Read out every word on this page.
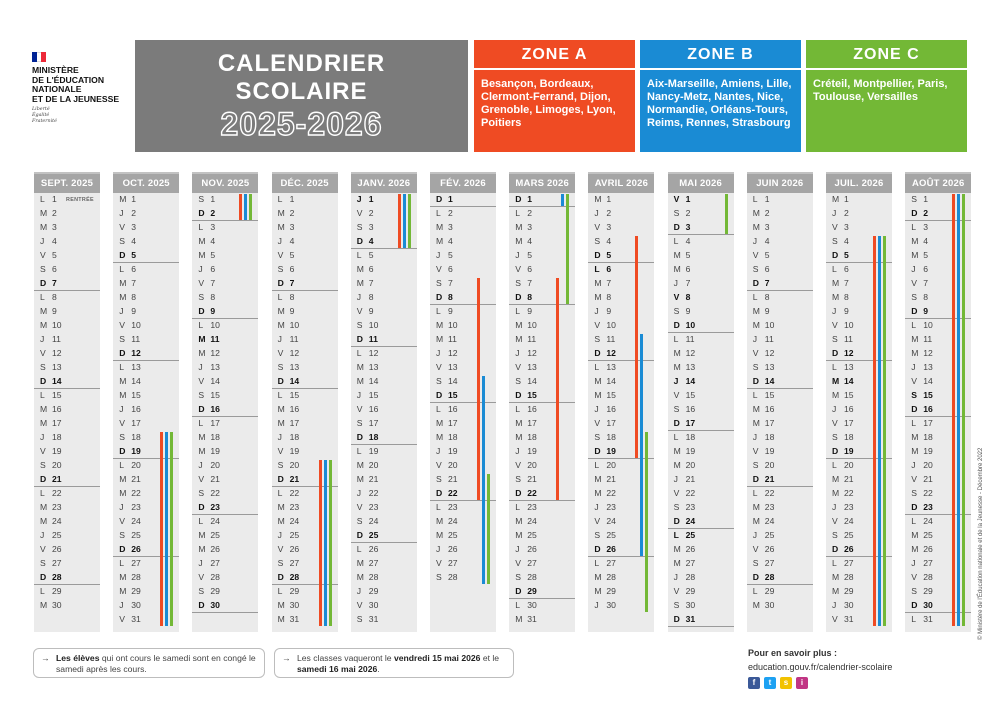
MINISTÈRE
DE L'ÉDUCATION
NATIONALE
ET DE LA JEUNESSE
Liberté
Égalité
Fraternité
CALENDRIER
SCOLAIRE
2025-2026
ZONE A
Besançon, Bordeaux, Clermont-Ferrand, Dijon, Grenoble, Limoges, Lyon, Poitiers
ZONE B
Aix-Marseille, Amiens, Lille, Nancy-Metz, Nantes, Nice, Normandie, Orléans-Tours, Reims, Rennes, Strasbourg
ZONE C
Créteil, Montpellier, Paris, Toulouse, Versailles
SEPT. 2025
L 1 RENTRÉE
M 2
M 3
J 4
V 5
S 6
D 7
L 8
M 9
M 10
J 11
V 12
S 13
D 14
L 15
M 16
M 17
J 18
V 19
S 20
D 21
L 22
M 23
M 24
J 25
V 26
S 27
D 28
L 29
M 30
OCT. 2025
M 1
J 2
V 3
S 4
D 5
L 6
M 7
M 8
J 9
V 10
S 11
D 12
L 13
M 14
M 15
J 16
V 17
S 18
D 19
L 20
M 21
M 22
J 23
V 24
S 25
D 26
L 27
M 28
M 29
J 30
V 31
NOV. 2025
S 1
D 2
L 3
M 4
M 5
J 6
V 7
S 8
D 9
L 10
M 11
M 12
J 13
V 14
S 15
D 16
L 17
M 18
M 19
J 20
V 21
S 22
D 23
L 24
M 25
M 26
J 27
V 28
S 29
D 30
DÉC. 2025
L 1
M 2
M 3
J 4
V 5
S 6
D 7
L 8
M 9
M 10
J 11
V 12
S 13
D 14
L 15
M 16
M 17
J 18
V 19
S 20
D 21
L 22
M 23
M 24
J 25
V 26
S 27
D 28
L 29
M 30
M 31
JANV. 2026
J 1
V 2
S 3
D 4
L 5
M 6
M 7
J 8
V 9
S 10
D 11
L 12
M 13
M 14
J 15
V 16
S 17
D 18
L 19
M 20
M 21
J 22
V 23
S 24
D 25
L 26
M 27
M 28
J 29
V 30
S 31
FÉV. 2026
D 1
L 2
M 3
M 4
J 5
V 6
S 7
D 8
L 9
M 10
M 11
J 12
V 13
S 14
D 15
L 16
M 17
M 18
J 19
V 20
S 21
D 22
L 23
M 24
M 25
J 26
V 27
S 28
MARS 2026
D 1
L 2
M 3
M 4
J 5
V 6
S 7
D 8
L 9
M 10
M 11
J 12
V 13
S 14
D 15
L 16
M 17
M 18
J 19
V 20
S 21
D 22
L 23
M 24
M 25
J 26
V 27
S 28
D 29
L 30
M 31
AVRIL 2026
M 1
J 2
V 3
S 4
D 5
L 6
M 7
M 8
J 9
V 10
S 11
D 12
L 13
M 14
M 15
J 16
V 17
S 18
D 19
L 20
M 21
M 22
J 23
V 24
S 25
D 26
L 27
M 28
M 29
J 30
MAI 2026
V 1
S 2
D 3
L 4
M 5
M 6
J 7
V 8
S 9
D 10
L 11
M 12
M 13
J 14
V 15
S 16
D 17
L 18
M 19
M 20
J 21
V 22
S 23
D 24
L 25
M 26
M 27
J 28
V 29
S 30
D 31
JUIN 2026
L 1
M 2
M 3
J 4
V 5
S 6
D 7
L 8
M 9
M 10
J 11
V 12
S 13
D 14
L 15
M 16
M 17
J 18
V 19
S 20
D 21
L 22
M 23
M 24
J 25
V 26
S 27
D 28
L 29
M 30
JUIL. 2026
M 1
J 2
V 3
S 4
D 5
L 6
M 7
M 8
J 9
V 10
S 11
D 12
L 13
M 14
M 15
J 16
V 17
S 18
D 19
L 20
M 21
M 22
J 23
V 24
S 25
D 26
L 27
M 28
M 29
J 30
V 31
AOÛT 2026
S 1
D 2
L 3
M 4
M 5
J 6
V 7
S 8
D 9
L 10
M 11
M 12
J 13
V 14
S 15
D 16
L 17
M 18
M 19
J 20
V 21
S 22
D 23
L 24
M 25
M 26
J 27
V 28
S 29
D 30
L 31	© Ministère de l'Éducation nationale et de la Jeunesse - Décembre 2022
→ Les élèves qui ont cours le samedi sont en congé le samedi après les cours.
→ Les classes vaqueront le vendredi 15 mai 2026 et le samedi 16 mai 2026.
Pour en savoir plus :
education.gouv.fr/calendrier-scolaire
f	t	s	i
